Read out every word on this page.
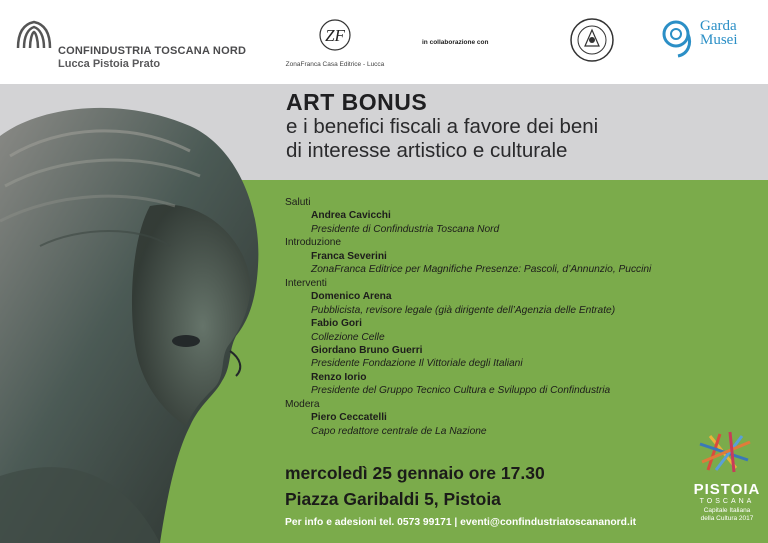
CONFINDUSTRIA TOSCANA NORD
Lucca Pistoia Prato
ZF
ZonaFranca Casa Editrice - Lucca
in collaborazione con
Garda
Musei
ART BONUS
e i benefici fiscali a favore dei beni
di interesse artistico e culturale
Saluti
Andrea Cavicchi
Presidente di Confindustria Toscana Nord
Introduzione
Franca Severini
ZonaFranca Editrice per Magnifiche Presenze: Pascoli, d’Annunzio, Puccini
Interventi
Domenico Arena
Pubblicista, revisore legale (già dirigente dell’Agenzia delle Entrate)
Fabio Gori
Collezione Celle
Giordano Bruno Guerri
Presidente Fondazione Il Vittoriale degli Italiani
Renzo Iorio
Presidente del Gruppo Tecnico Cultura e Sviluppo di Confindustria
Modera
Piero Ceccatelli
Capo redattore centrale de La Nazione
mercoledì 25 gennaio ore 17.30
Piazza Garibaldi 5, Pistoia
Per info e adesioni tel. 0573 99171 | eventi@confindustriatoscananord.it
PISTOIA
TOSCANA
Capitale Italiana
della Cultura 2017
